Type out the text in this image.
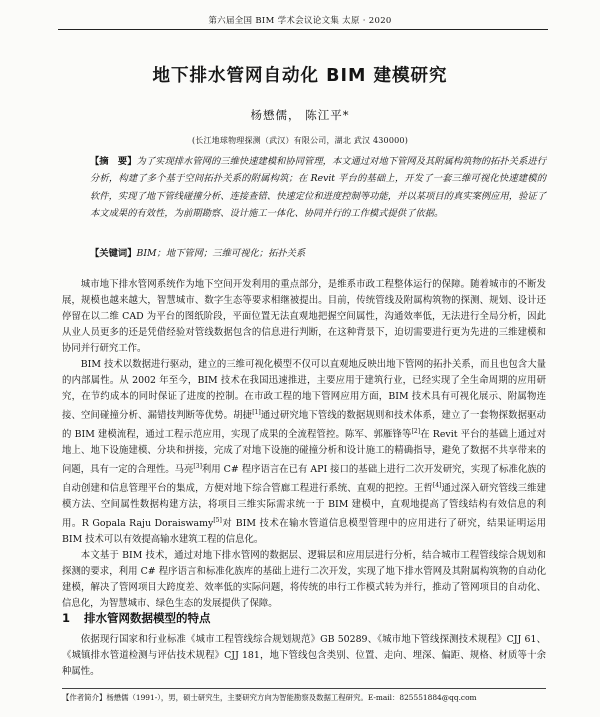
第六届全国 BIM 学术会议论文集 太原 · 2020
地下排水管网自动化 BIM 建模研究
杨懋儒， 陈江平*
(长江地球物理探测（武汉）有限公司，湖北 武汉 430000)
【摘　要】为了实现排水管网的三维快速建模和协同管理，本文通过对地下管网及其附属构筑物的拓扑关系进行分析，构建了多个基于空间拓扑关系的附属构筑；在 Revit 平台的基础上，开发了一套三维可视化快速建模的软件，实现了地下管线碰撞分析、连接查错、快速定位和进度控制等功能，并以某项目的真实案例应用，验证了本文成果的有效性，为前期勘察、设计施工一体化、协同并行的工作模式提供了依据。
【关键词】BIM；地下管网；三维可视化；拓扑关系

城市地下排水管网系统作为地下空间开发利用的重点部分，是维系市政工程整体运行的保障。随着城市的不断发展，规模也越来越大，智慧城市、数字生态等要求相继被提出。目前，传统管线及附属构筑物的探测、规划、设计还停留在以二维 CAD 为平台的图纸阶段，平面位置无法直观地把握空间属性，沟通效率低，无法进行全局分析，因此从业人员更多的还是凭借经验对管线数据包含的信息进行判断，在这种背景下，迫切需要进行更为先进的三维建模和协同并行研究工作。

BIM 技术以数据进行驱动，建立的三维可视化模型不仅可以直观地反映出地下管网的拓扑关系，而且也包含大量的内部属性。从 2002 年至今，BIM 技术在我国迅速推进，主要应用于建筑行业，已经实现了全生命周期的应用研究，在节约成本的同时保证了进度的控制。在市政工程的地下管网应用方面，BIM 技术具有可视化展示、附属物连接、空间碰撞分析、漏错技判断等优势。胡捷[1]通过研究地下管线的数据规则和技术体系，建立了一套物探数据驱动的 BIM 建模流程，通过工程示范应用，实现了成果的全流程管控。陈军、郭雁锋等[2]在 Revit 平台的基础上通过对地上、地下设施建模、分块和拼接，完成了对地下设施的碰撞分析和设计施工的精确指导，避免了数据不共享带来的问题，具有一定的合理性。马亮[3]利用 C# 程序语言在已有 API 接口的基础上进行二次开发研究，实现了标准化族的自动创建和信息管理平台的集成，方便对地下综合管廊工程进行系统、直观的把控。王哲[4]通过深入研究管线三维建模方法、空间属性数据构建方法，将项目三维实际需求统一于 BIM 建模中，直观地提高了管线结构有效信息的利用。R Gopala Raju Doraiswamy[5]对 BIM 技术在输水管道信息模型管理中的应用进行了研究，结果证明运用 BIM 技术可以有效提高输水建筑工程的信息化。

本文基于 BIM 技术，通过对地下排水管网的数据层、逻辑层和应用层进行分析，结合城市工程管线综合规划和探测的要求，利用 C# 程序语言和标准化族库的基础上进行二次开发，实现了地下排水管网及其附属构筑物的自动化建模，解决了管网项目大跨度差、效率低的实际问题，将传统的串行工作模式转为并行，推动了管网项目的自动化、信息化，为智慧城市、绿色生态的发展提供了保障。

1 排水管网数据模型的特点

依据现行国家和行业标准《城市工程管线综合规划规范》GB 50289、《城市地下管线探测技术规程》CJJ 61、《城镇排水管道检测与评估技术规程》CJJ 181，地下管线包含类别、位置、走向、埋深、偏距、规格、材质等十余种属性。

【作者简介】杨懋儒（1991-），男，硕士研究生，主要研究方向为智能勘察及数据工程研究。E-mail：825551884@qq.com
